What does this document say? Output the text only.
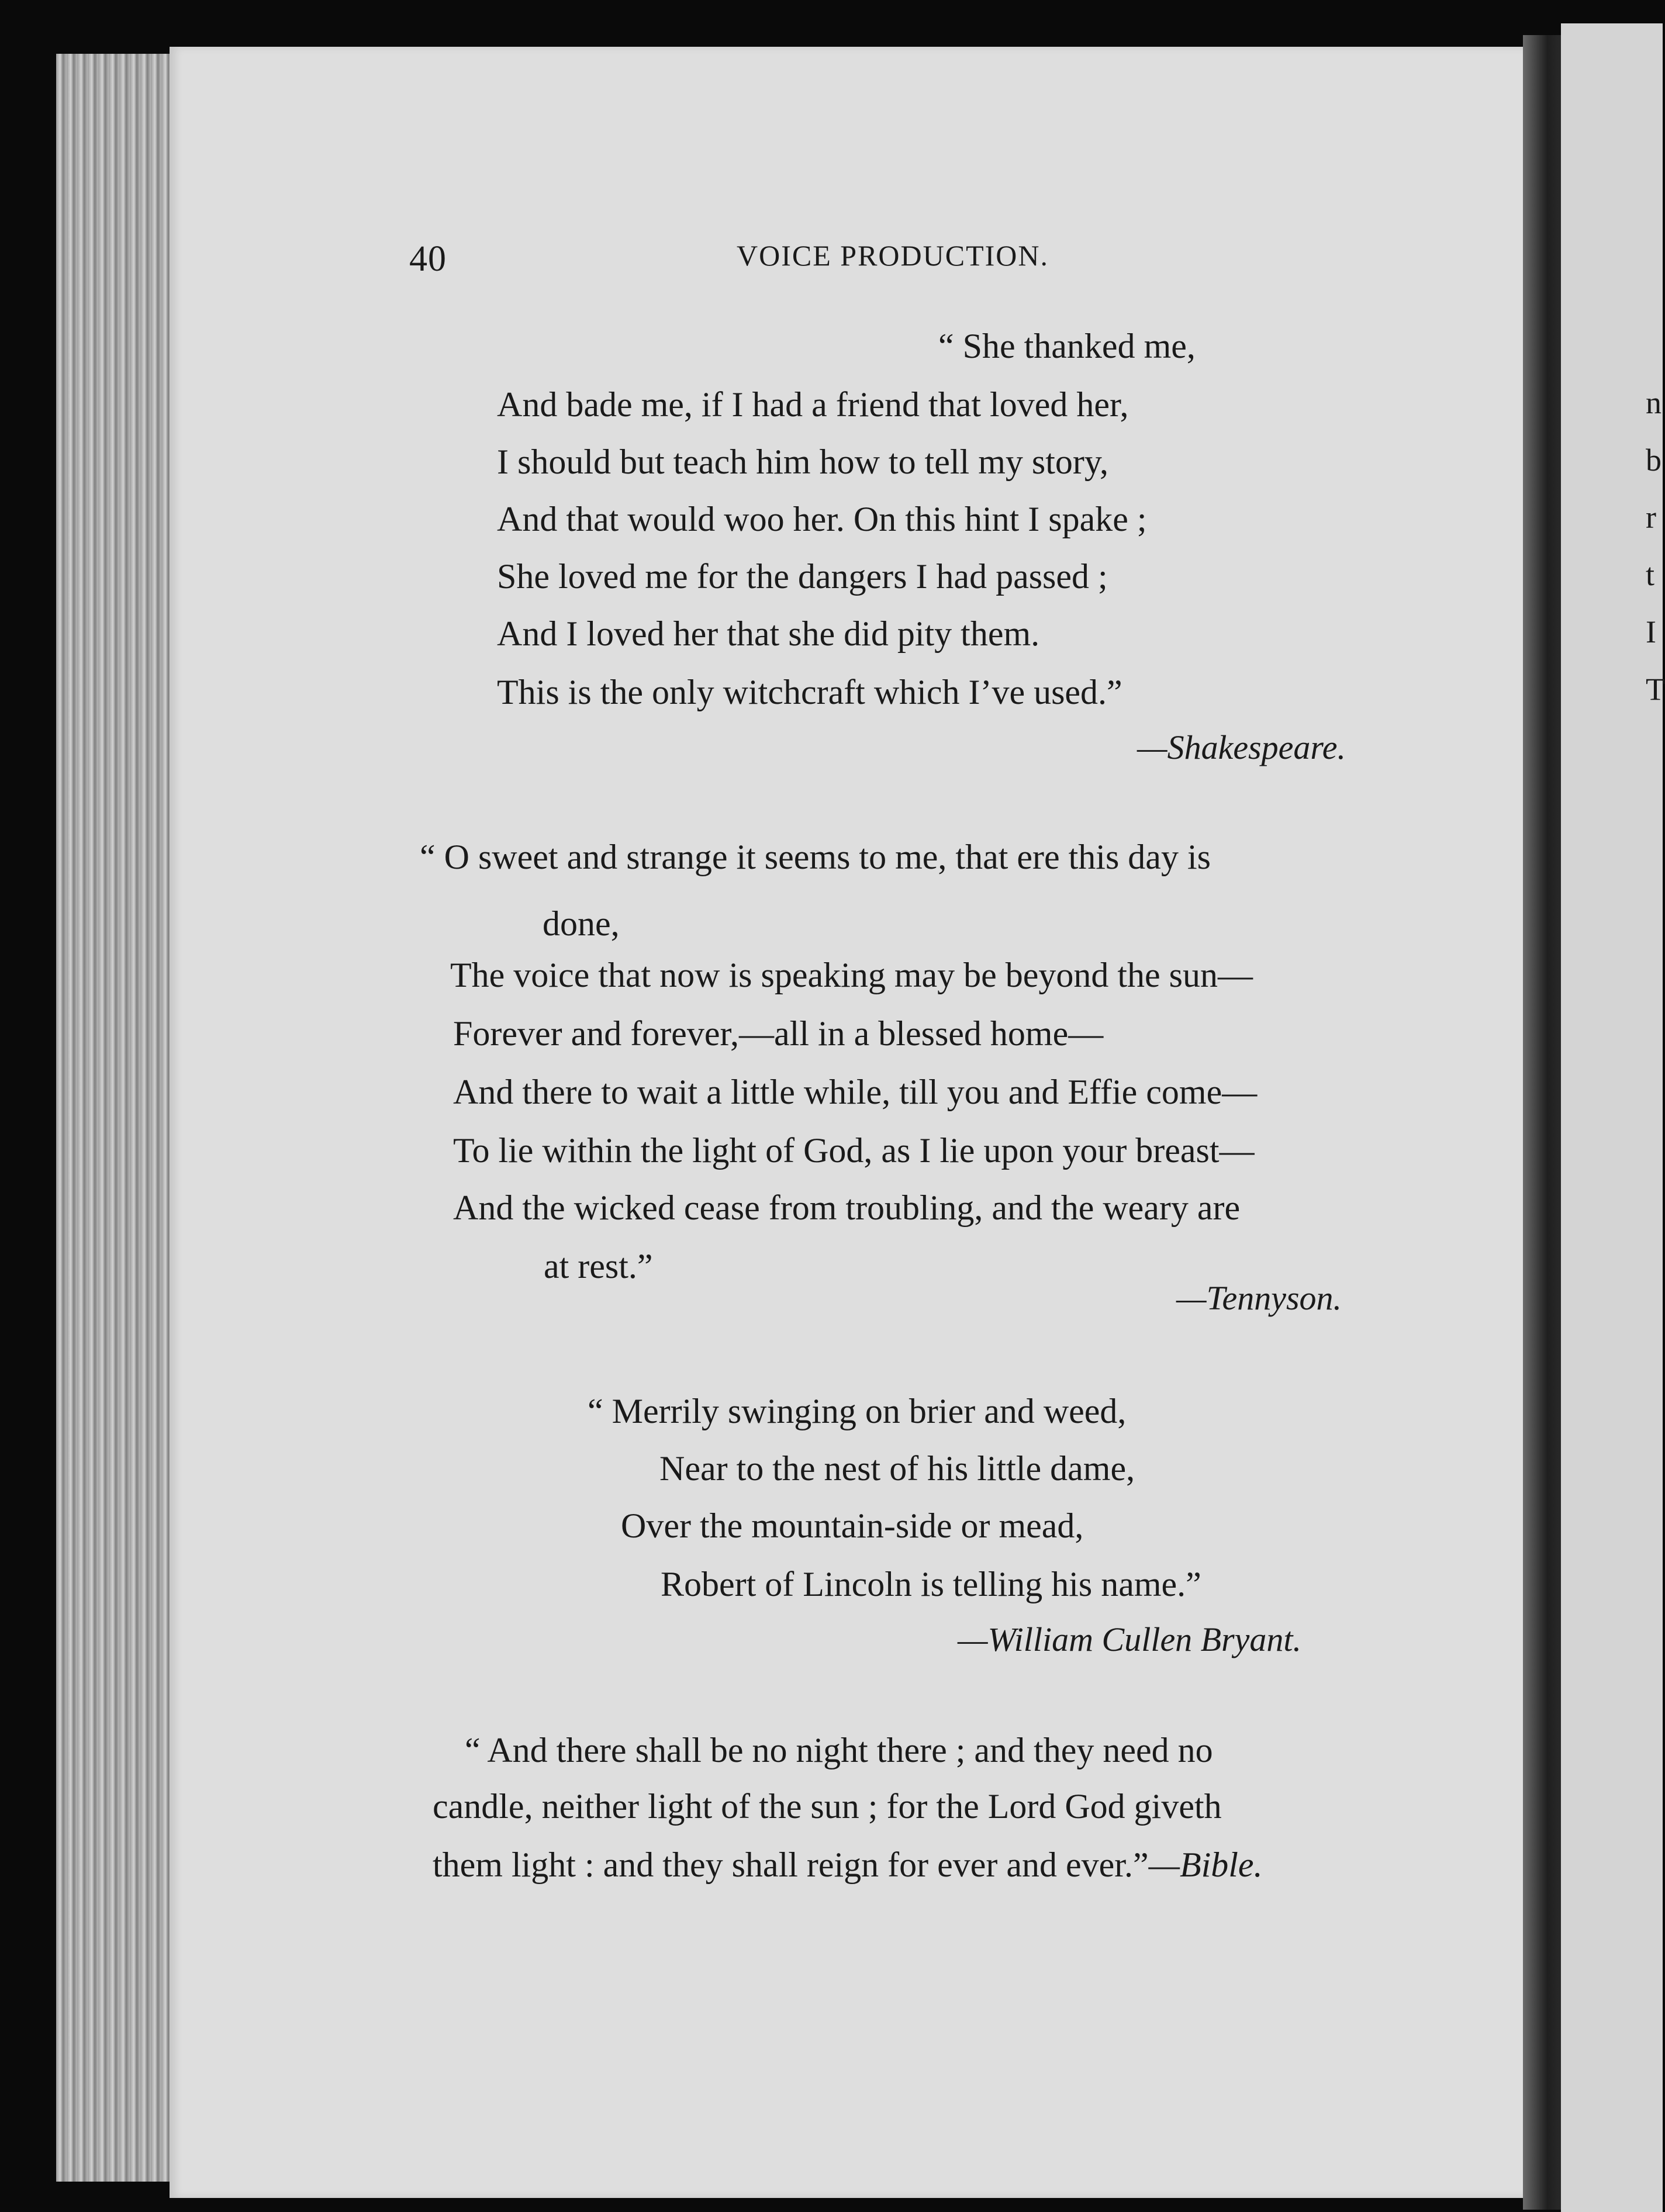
n
b
r
t
I
T
40	VOICE PRODUCTION.
“ She thanked me,
And bade me, if I had a friend that loved her,
I should but teach him how to tell my story,
And that would woo her. On this hint I spake ;
She loved me for the dangers I had passed ;
And I loved her that she did pity them.
This is the only witchcraft which I’ve used.”
—Shakespeare.
“ O sweet and strange it seems to me, that ere this day is
done,
The voice that now is speaking may be beyond the sun—
Forever and forever,—all in a blessed home—
And there to wait a little while, till you and Effie come—
To lie within the light of God, as I lie upon your breast—
And the wicked cease from troubling, and the weary are
at rest.”
—Tennyson.
“ Merrily swinging on brier and weed,
Near to the nest of his little dame,
Over the mountain-side or mead,
Robert of Lincoln is telling his name.”
—William Cullen Bryant.
“ And there shall be no night there ; and they need no
candle, neither light of the sun ; for the Lord God giveth
them light : and they shall reign for ever and ever.”—Bible.
